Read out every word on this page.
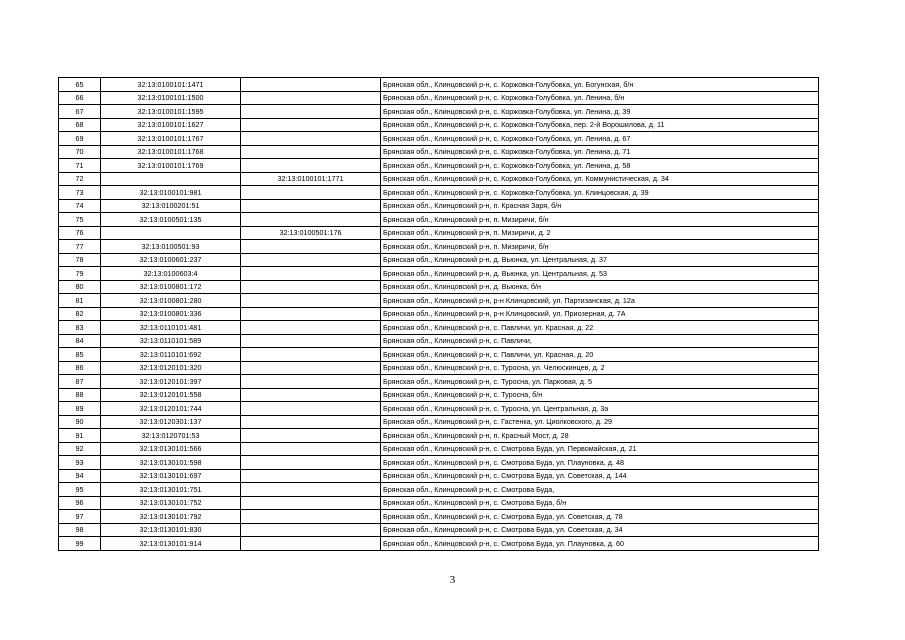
65	32:13:0100101:1471		Брянская обл., Клинцовский р-н, с. Коржовка-Голубовка, ул. Богунская, б/н
66	32:13:0100101:1500		Брянская обл., Клинцовский р-н, с. Коржовка-Голубовка, ул. Ленина, б/н
67	32:13:0100101:1595		Брянская обл., Клинцовский р-н, с. Коржовка-Голубовка, ул. Ленина, д. 39
68	32:13:0100101:1627		Брянская обл., Клинцовский р-н, с. Коржовка-Голубовка, пер. 2-й Ворошилова, д. 11
69	32:13:0100101:1767		Брянская обл., Клинцовский р-н, с. Коржовка-Голубовка, ул. Ленина, д. 67
70	32:13:0100101:1768		Брянская обл., Клинцовский р-н, с. Коржовка-Голубовка, ул. Ленина, д. 71
71	32:13:0100101:1769		Брянская обл., Клинцовский р-н, с. Коржовка-Голубовка, ул. Ленина, д. 58
72		32:13:0100101:1771	Брянская обл., Клинцовский р-н, с. Коржовка-Голубовка, ул. Коммунистическая, д. 34
73	32:13:0100101:981		Брянская обл., Клинцовский р-н, с. Коржовка-Голубовка, ул. Клинцовская, д. 39
74	32:13:0100201:51		Брянская обл., Клинцовский р-н, п. Красная Заря, б/н
75	32:13:0100501:135		Брянская обл., Клинцовский р-н, п. Мизиричи, б/н
76		32:13:0100501:176	Брянская обл., Клинцовский р-н, п. Мизиричи, д. 2
77	32:13:0100501:93		Брянская обл., Клинцовский р-н, п. Мизиричи, б/н
78	32:13:0100601:237		Брянская обл., Клинцовский р-н, д. Вьюнка, ул. Центральная, д. 37
79	32:13:0100603:4		Брянская обл., Клинцовский р-н, д. Вьюнка, ул. Центральная, д. 53
80	32:13:0100801:172		Брянская обл., Клинцовский р-н, д. Вьюнка, б/н
81	32:13:0100801:280		Брянская обл., Клинцовский р-н, р-н Клинцовский, ул. Партизанская, д. 12а
82	32:13:0100801:336		Брянская обл., Клинцовский р-н, р-н Клинцовский, ул. Приозерная, д. 7А
83	32:13:0110101:481		Брянская обл., Клинцовский р-н, с. Павличи, ул. Красная, д. 22
84	32:13:0110101:589		Брянская обл., Клинцовский р-н, с. Павличи,
85	32:13:0110101:692		Брянская обл., Клинцовский р-н, с. Павличи, ул. Красная, д. 20
86	32:13:0120101:320		Брянская обл., Клинцовский р-н, с. Туросна, ул. Челюскинцев, д. 2
87	32:13:0120101:397		Брянская обл., Клинцовский р-н, с. Туросна, ул. Парковая, д. 5
88	32:13:0120101:558		Брянская обл., Клинцовский р-н, с. Туросна, б/н
89	32:13:0120101:744		Брянская обл., Клинцовский р-н, с. Туросна, ул. Центральная, д. 3а
90	32:13:0120301:137		Брянская обл., Клинцовский р-н, с. Гастенка, ул. Циолковского, д. 29
91	32:13:0120701:53		Брянская обл., Клинцовский р-н, п. Красный Мост, д. 28
92	32:13:0130101:566		Брянская обл., Клинцовский р-н, с. Смотрова Буда, ул. Первомайская, д. 21
93	32:13:0130101:598		Брянская обл., Клинцовский р-н, с. Смотрова Буда, ул. Плауновка, д. 48
94	32:13:0130101:697		Брянская обл., Клинцовский р-н, с. Смотрова Буда, ул. Советская, д. 144
95	32:13:0130101:751		Брянская обл., Клинцовский р-н, с. Смотрова Буда,
96	32:13:0130101:752		Брянская обл., Клинцовский р-н, с. Смотрова Буда, б/н
97	32:13:0130101:792		Брянская обл., Клинцовский р-н, с. Смотрова Буда, ул. Советская, д. 78
98	32:13:0130101:830		Брянская обл., Клинцовский р-н, с. Смотрова Буда, ул. Советская, д. 34
99	32:13:0130101:914		Брянская обл., Клинцовский р-н, с. Смотрова Буда, ул. Плауновка, д. 60
3
